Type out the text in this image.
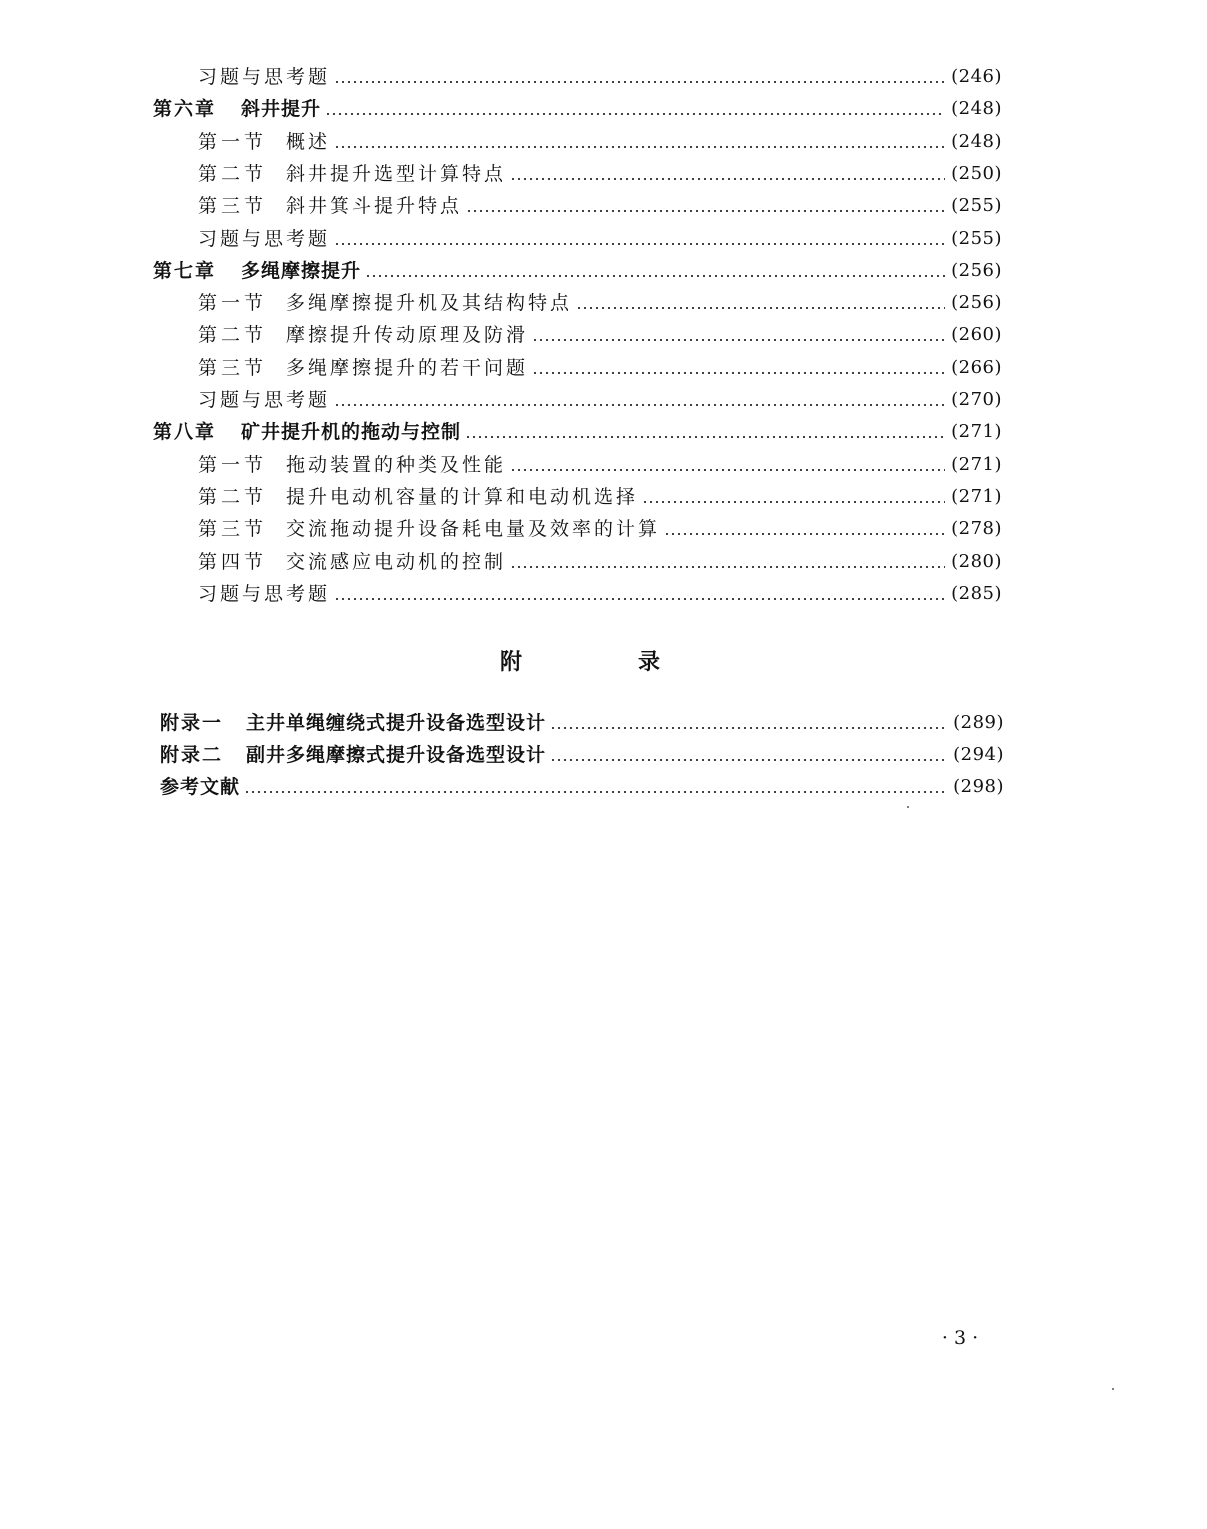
习题与思考题	(246)
第六章	斜井提升	(248)
第一节 概述	(248)
第二节 斜井提升选型计算特点	(250)
第三节 斜井箕斗提升特点	(255)
习题与思考题	(255)
第七章	多绳摩擦提升	(256)
第一节 多绳摩擦提升机及其结构特点	(256)
第二节 摩擦提升传动原理及防滑	(260)
第三节 多绳摩擦提升的若干问题	(266)
习题与思考题	(270)
第八章	矿井提升机的拖动与控制	(271)
第一节 拖动装置的种类及性能	(271)
第二节 提升电动机容量的计算和电动机选择	(271)
第三节 交流拖动提升设备耗电量及效率的计算	(278)
第四节 交流感应电动机的控制	(280)
习题与思考题	(285)
附	录
附录一	主井单绳缠绕式提升设备选型设计	(289)
附录二	副井多绳摩擦式提升设备选型设计	(294)
参考文献	(298)
· 3 ·
